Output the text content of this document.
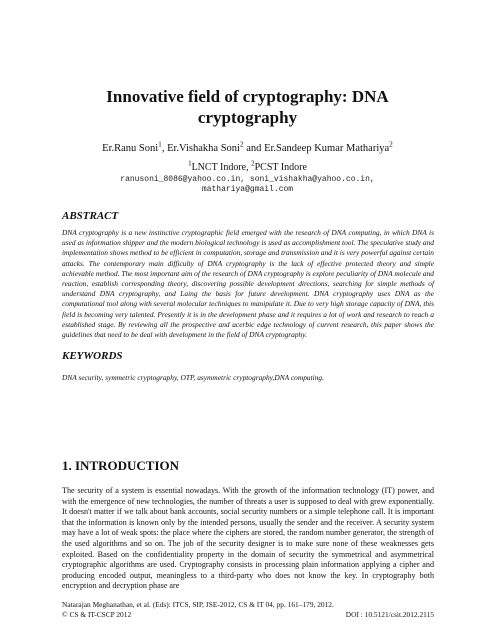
Innovative field of cryptography: DNA
cryptography
Er.Ranu Soni$^1$, Er.Vishakha Soni$^2$ and Er.Sandeep Kumar Mathariya$^2$
$^1$LNCT Indore, $^2$PCST Indore
ranusoni_8086@yahoo.co.in, soni_vishakha@yahoo.co.in,
mathariya@gmail.com
ABSTRACT
DNA cryptography is a new instinctive cryptographic field emerged with the research of DNA computing, in which DNA is used as information shipper and the modern biological technology is used as accomplishment tool. The speculative study and implementation shows method to be efficient in computation, storage and transmission and it is very powerful against certain attacks. The contemporary main difficulty of DNA cryptography is the lack of effective protected theory and simple achievable method. The most important aim of the research of DNA cryptography is explore peculiarity of DNA molecule and reaction, establish corresponding theory, discovering possible development directions, searching for simple methods of understand DNA cryptography, and Laing the basis for future development. DNA cryptography uses DNA as the computational tool along with several molecular techniques to manipulate it. Due to very high storage capacity of DNA, this field is becoming very talented. Presently it is in the development phase and it requires a lot of work and research to reach a established stage. By reviewing all the prospective and acerbic edge technology of current research, this paper shows the guidelines that need to be deal with development in the field of DNA cryptography.
KEYWORDS
DNA security, symmetric cryptography, OTP, asymmetric cryptography,DNA computing.
1. INTRODUCTION
The security of a system is essential nowadays. With the growth of the information technology (IT) power, and with the emergence of new technologies, the number of threats a user is supposed to deal with grew exponentially. It doesn't matter if we talk about bank accounts, social security numbers or a simple telephone call. It is important that the information is known only by the intended persons, usually the sender and the receiver. A security system may have a lot of weak spots: the place where the ciphers are stored, the random number generator, the strength of the used algorithms and so on. The job of the security designer is to make sure none of these weaknesses gets exploited. Based on the confidentiality property in the domain of security the symmetrical and asymmetrical cryptographic algorithms are used. Cryptography consists in processing plain information applying a cipher and producing encoded output, meaningless to a third-party who does not know the key. In cryptography both encryption and decryption phase are
Natarajan Meghanathan, et al. (Eds): ITCS, SIP, JSE-2012, CS & IT 04, pp. 161–179, 2012.
© CS & IT-CSCP 2012	DOI : 10.5121/csit.2012.2115
